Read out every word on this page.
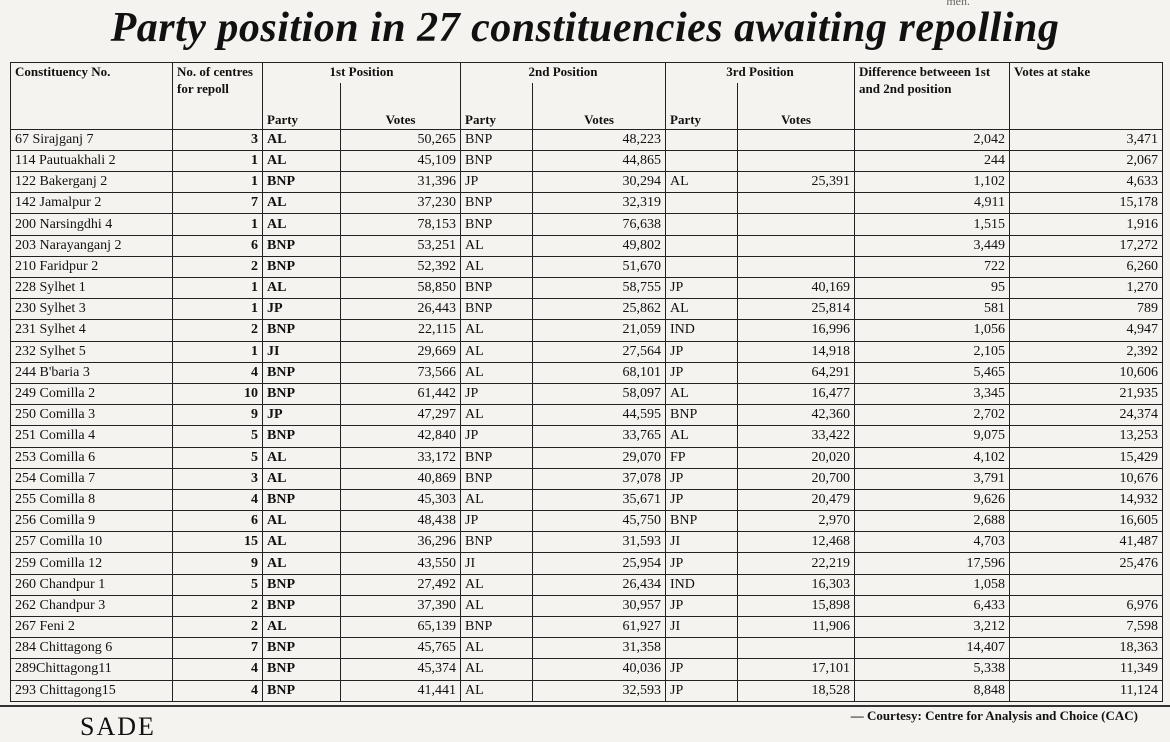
men.
Party position in 27 constituencies awaiting repolling
Constituency No.	No. of centres for repoll	1st Position		2nd Position		3rd Position		Difference betweeen 1st and 2nd position	Votes at stake
		Party	Votes	Party	Votes	Party	Votes		
67 Sirajganj 7	3	AL	50,265	BNP	48,223			2,042	3,471
114 Pautuakhali 2	1	AL	45,109	BNP	44,865			244	2,067
122 Bakerganj 2	1	BNP	31,396	JP	30,294	AL	25,391	1,102	4,633
142 Jamalpur 2	7	AL	37,230	BNP	32,319			4,911	15,178
200 Narsingdhi 4	1	AL	78,153	BNP	76,638			1,515	1,916
203 Narayanganj 2	6	BNP	53,251	AL	49,802			3,449	17,272
210 Faridpur 2	2	BNP	52,392	AL	51,670			722	6,260
228 Sylhet 1	1	AL	58,850	BNP	58,755	JP	40,169	95	1,270
230 Sylhet 3	1	JP	26,443	BNP	25,862	AL	25,814	581	789
231 Sylhet 4	2	BNP	22,115	AL	21,059	IND	16,996	1,056	4,947
232 Sylhet 5	1	JI	29,669	AL	27,564	JP	14,918	2,105	2,392
244 B'baria 3	4	BNP	73,566	AL	68,101	JP	64,291	5,465	10,606
249 Comilla 2	10	BNP	61,442	JP	58,097	AL	16,477	3,345	21,935
250 Comilla 3	9	JP	47,297	AL	44,595	BNP	42,360	2,702	24,374
251 Comilla 4	5	BNP	42,840	JP	33,765	AL	33,422	9,075	13,253
253 Comilla 6	5	AL	33,172	BNP	29,070	FP	20,020	4,102	15,429
254 Comilla 7	3	AL	40,869	BNP	37,078	JP	20,700	3,791	10,676
255 Comilla 8	4	BNP	45,303	AL	35,671	JP	20,479	9,626	14,932
256 Comilla 9	6	AL	48,438	JP	45,750	BNP	2,970	2,688	16,605
257 Comilla 10	15	AL	36,296	BNP	31,593	JI	12,468	4,703	41,487
259 Comilla 12	9	AL	43,550	JI	25,954	JP	22,219	17,596	25,476
260 Chandpur 1	5	BNP	27,492	AL	26,434	IND	16,303	1,058	
262 Chandpur 3	2	BNP	37,390	AL	30,957	JP	15,898	6,433	6,976
267 Feni 2	2	AL	65,139	BNP	61,927	JI	11,906	3,212	7,598
284 Chittagong 6	7	BNP	45,765	AL	31,358			14,407	18,363
289Chittagong11	4	BNP	45,374	AL	40,036	JP	17,101	5,338	11,349
293 Chittagong15	4	BNP	41,441	AL	32,593	JP	18,528	8,848	11,124
SADE	— Courtesy: Centre for Analysis and Choice (CAC)
